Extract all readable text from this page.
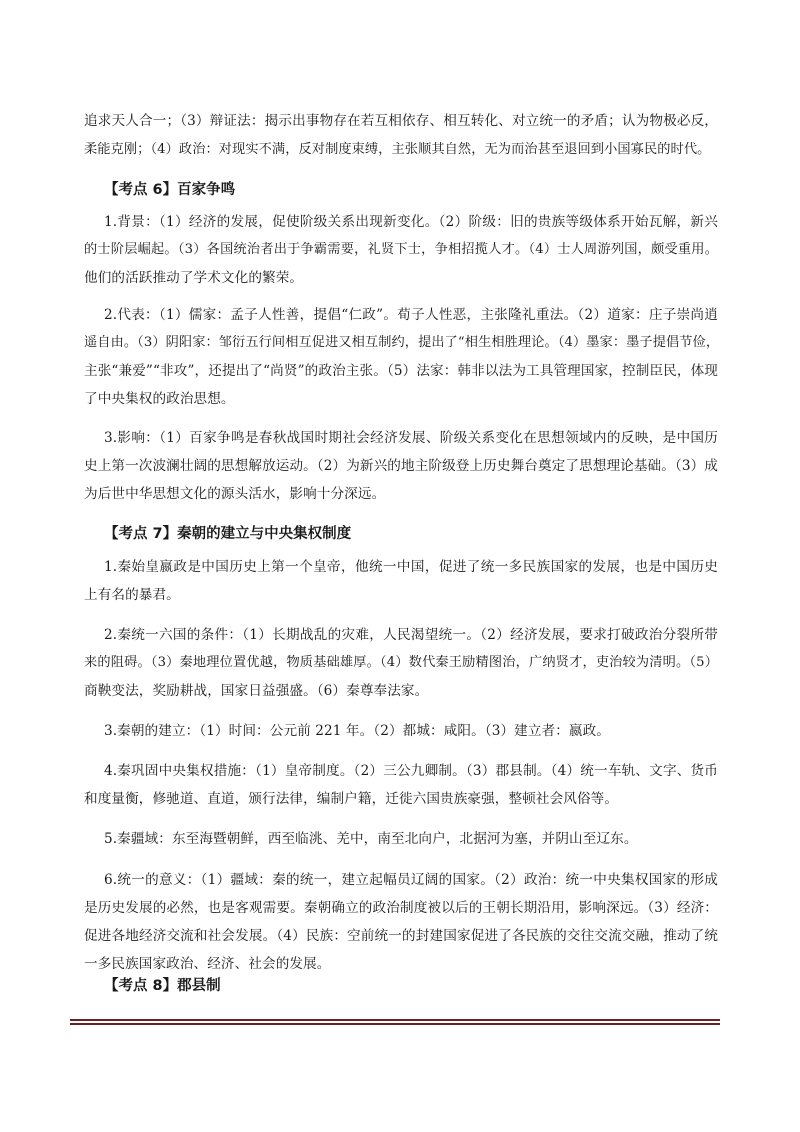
追求天人合一；（3）辩证法：揭示出事物存在若互相依存、相互转化、对立统一的矛盾；认为物极必反，
柔能克刚；（4）政治：对现实不满，反对制度束缚，主张顺其自然，无为而治甚至退回到小国寡民的时代。
【考点 6】百家争鸣
1.背景：（1）经济的发展，促使阶级关系出现新变化。（2）阶级：旧的贵族等级体系开始瓦解，新兴
的士阶层崛起。（3）各国统治者出于争霸需要，礼贤下士，争相招揽人才。（4）士人周游列国，颇受重用。
他们的活跃推动了学术文化的繁荣。
2.代表：（1）儒家：孟子人性善，提倡“仁政”。荀子人性恶，主张隆礼重法。（2）道家：庄子崇尚逍
遥自由。（3）阴阳家：邹衍五行间相互促进又相互制约，提出了“相生相胜理论。（4）墨家：墨子提倡节俭，
主张“兼爱”“非攻”，还提出了“尚贤”的政治主张。（5）法家：韩非以法为工具管理国家，控制臣民，体现
了中央集权的政治思想。
3.影响：（1）百家争鸣是春秋战国时期社会经济发展、阶级关系变化在思想领域内的反映，是中国历
史上第一次波澜壮阔的思想解放运动。（2）为新兴的地主阶级登上历史舞台奠定了思想理论基础。（3）成
为后世中华思想文化的源头活水，影响十分深远。
【考点 7】秦朝的建立与中央集权制度
1.秦始皇嬴政是中国历史上第一个皇帝，他统一中国，促进了统一多民族国家的发展，也是中国历史
上有名的暴君。
2.秦统一六国的条件：（1）长期战乱的灾难，人民渴望统一。（2）经济发展，要求打破政治分裂所带
来的阻碍。（3）秦地理位置优越，物质基础雄厚。（4）数代秦王励精图治，广纳贤才，吏治较为清明。（5）
商鞅变法，奖励耕战，国家日益强盛。（6）秦尊奉法家。
3.秦朝的建立：（1）时间：公元前 221 年。（2）都城：咸阳。（3）建立者：嬴政。
4.秦巩固中央集权措施：（1）皇帝制度。（2）三公九卿制。（3）郡县制。（4）统一车轨、文字、货币
和度量衡，修驰道、直道，颁行法律，编制户籍，迁徙六国贵族豪强，整顿社会风俗等。
5.秦疆域：东至海暨朝鲜，西至临洮、羌中，南至北向户，北据河为塞，并阴山至辽东。
6.统一的意义：（1）疆域：秦的统一，建立起幅员辽阔的国家。（2）政治：统一中央集权国家的形成
是历史发展的必然，也是客观需要。秦朝确立的政治制度被以后的王朝长期沿用，影响深远。（3）经济：
促进各地经济交流和社会发展。（4）民族：空前统一的封建国家促进了各民族的交往交流交融，推动了统
一多民族国家政治、经济、社会的发展。
【考点 8】郡县制
